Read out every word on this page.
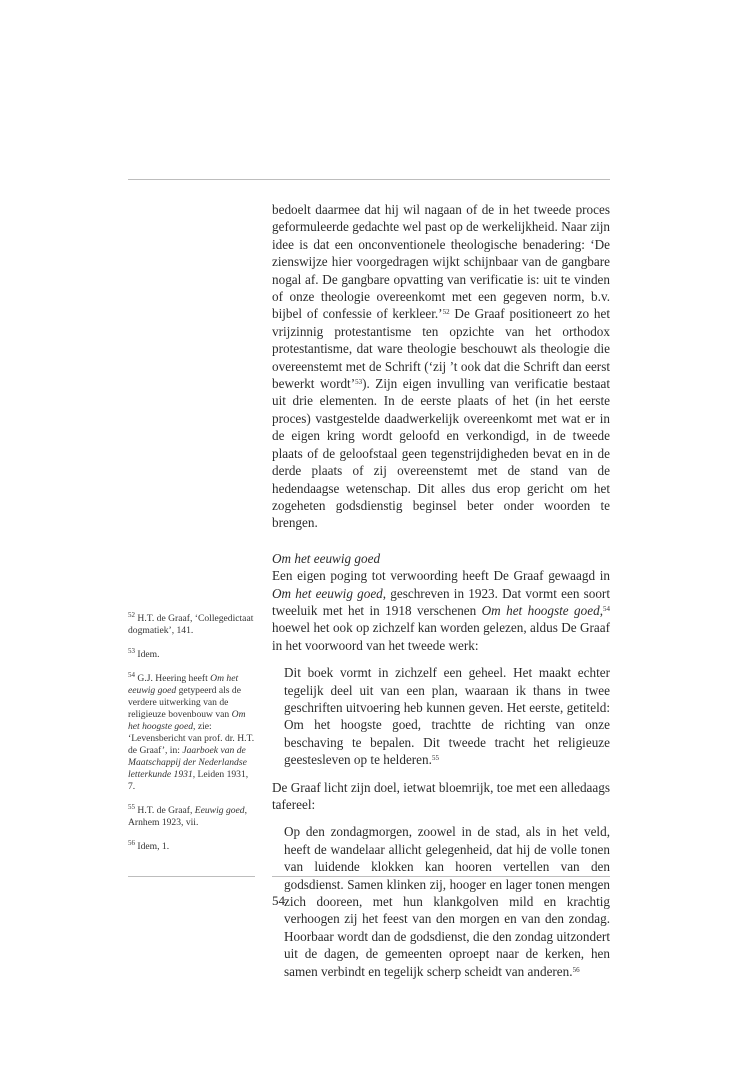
bedoelt daarmee dat hij wil nagaan of de in het tweede proces geformuleerde gedachte wel past op de werkelijkheid. Naar zijn idee is dat een onconventionele theologische benadering: ‘De zienswijze hier voorgedragen wijkt schijnbaar van de gangbare nogal af. De gangbare opvatting van verificatie is: uit te vinden of onze theologie overeenkomt met een gegeven norm, b.v. bijbel of confessie of kerkleer.’$^{52}$ De Graaf positioneert zo het vrijzinnig protestantisme ten opzichte van het orthodox protestantisme, dat ware theologie beschouwt als theologie die overeenstemt met de Schrift (‘zij ’t ook dat die Schrift dan eerst bewerkt wordt’$^{53}$). Zijn eigen invulling van verificatie bestaat uit drie elementen. In de eerste plaats of het (in het eerste proces) vastgestelde daadwerkelijk overeenkomt met wat er in de eigen kring wordt geloofd en verkondigd, in de tweede plaats of de geloofstaal geen tegenstrijdigheden bevat en in de derde plaats of zij overeenstemt met de stand van de hedendaagse wetenschap. Dit alles dus erop gericht om het zogeheten godsdienstig beginsel beter onder woorden te brengen.

Om het eeuwig goed

Een eigen poging tot verwoording heeft De Graaf gewaagd in Om het eeuwig goed, geschreven in 1923. Dat vormt een soort tweeluik met het in 1918 verschenen Om het hoogste goed,$^{54}$ hoewel het ook op zichzelf kan worden gelezen, aldus De Graaf in het voorwoord van het tweede werk:

Dit boek vormt in zichzelf een geheel. Het maakt echter tegelijk deel uit van een plan, waaraan ik thans in twee geschriften uitvoering heb kunnen geven. Het eerste, getiteld: Om het hoogste goed, trachtte de richting van onze beschaving te bepalen. Dit tweede tracht het religieuze geestesleven op te helderen.$^{55}$

De Graaf licht zijn doel, ietwat bloemrijk, toe met een alledaags tafereel:

Op den zondagmorgen, zoowel in de stad, als in het veld, heeft de wandelaar allicht gelegenheid, dat hij de volle tonen van luidende klokken kan hooren vertellen van den godsdienst. Samen klinken zij, hooger en lager tonen mengen zich dooreen, met hun klankgolven mild en krachtig verhoogen zij het feest van den morgen en van den zondag. Hoorbaar wordt dan de godsdienst, die den zondag uitzondert uit de dagen, de gemeenten oproept naar de kerken, hen samen verbindt en tegelijk scherp scheidt van anderen.$^{56}$

$^{52}$ H.T. de Graaf, ‘Collegedictaat dogmatiek’, 141.

$^{53}$ Idem.

$^{54}$ G.J. Heering heeft Om het eeuwig goed getypeerd als de verdere uitwerking van de religieuze bovenbouw van Om het hoogste goed, zie: ‘Levensbericht van prof. dr. H.T. de Graaf’, in: Jaarboek van de Maatschappij der Nederlandse letterkunde 1931, Leiden 1931, 7.

$^{55}$ H.T. de Graaf, Eeuwig goed, Arnhem 1923, vii.

$^{56}$ Idem, 1.

54
